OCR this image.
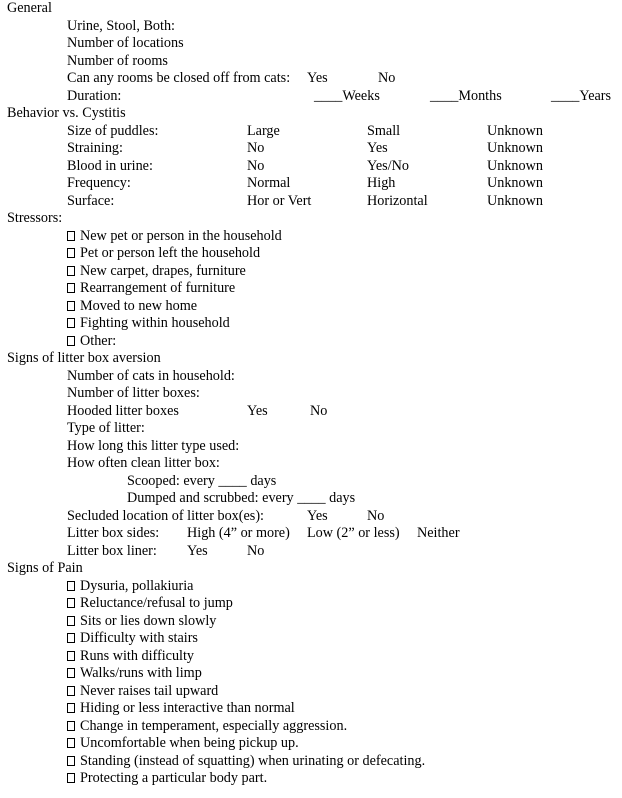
General
Urine, Stool, Both:
Number of locations
Number of rooms
Can any rooms be closed off from cats: Yes	No
Duration:	____Weeks	____Months	____Years
Behavior vs. Cystitis
Size of puddles:	Large	Small	Unknown
Straining:	No	Yes	Unknown
Blood in urine:	No	Yes/No	Unknown
Frequency:	Normal	High	Unknown
Surface:	Hor or Vert	Horizontal	Unknown
Stressors:
New pet or person in the household
Pet or person left the household
New carpet, drapes, furniture
Rearrangement of furniture
Moved to new home
Fighting within household
Other:
Signs of litter box aversion
Number of cats in household:
Number of litter boxes:
Hooded litter boxes	Yes	No
Type of litter:
How long this litter type used:
How often clean litter box:
Scooped: every ____ days
Dumped and scrubbed: every ____ days
Secluded location of litter box(es):	Yes	No
Litter box sides: High (4” or more) Low (2” or less) Neither
Litter box liner: Yes	No
Signs of Pain
Dysuria, pollakiuria
Reluctance/refusal to jump
Sits or lies down slowly
Difficulty with stairs
Runs with difficulty
Walks/runs with limp
Never raises tail upward
Hiding or less interactive than normal
Change in temperament, especially aggression.
Uncomfortable when being pickup up.
Standing (instead of squatting) when urinating or defecating.
Protecting a particular body part.
